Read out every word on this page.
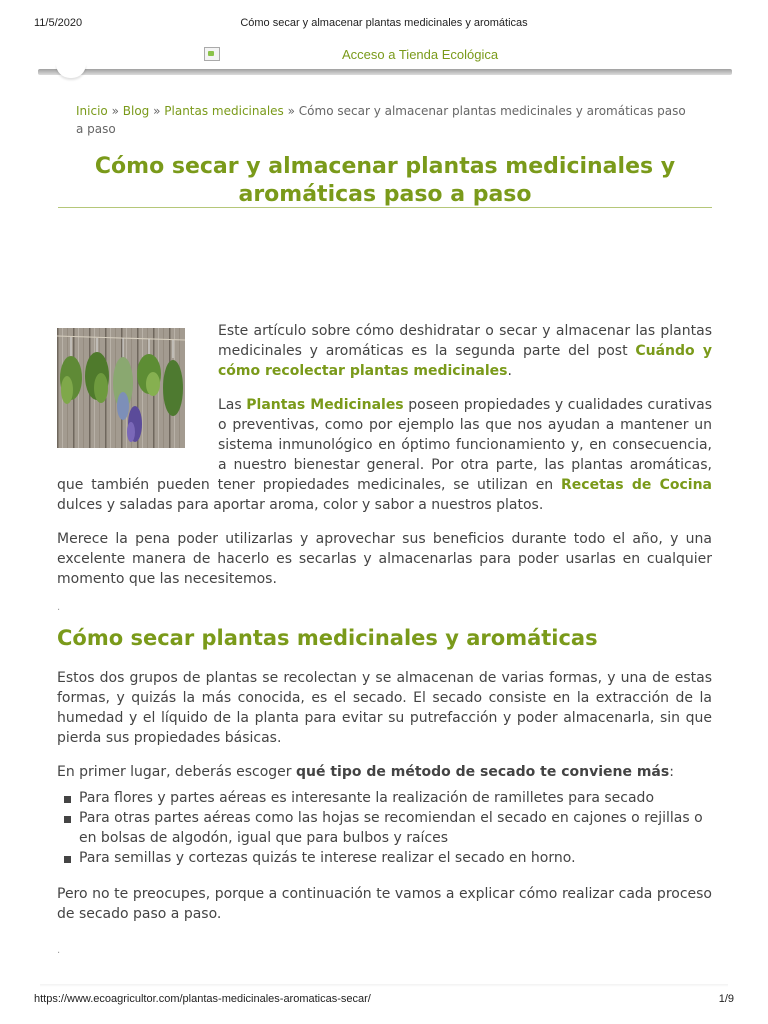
11/5/2020	Cómo secar y almacenar plantas medicinales y aromáticas
Acceso a Tienda Ecológica
Inicio » Blog » Plantas medicinales » Cómo secar y almacenar plantas medicinales y aromáticas paso a paso
Cómo secar y almacenar plantas medicinales y aromáticas paso a paso

Este artículo sobre cómo deshidratar o secar y almacenar las plantas medicinales y aromáticas es la segunda parte del post Cuándo y cómo recolectar plantas medicinales.

Las Plantas Medicinales poseen propiedades y cualidades curativas o preventivas, como por ejemplo las que nos ayudan a mantener un sistema inmunológico en óptimo funcionamiento y, en consecuencia, a nuestro bienestar general. Por otra parte, las plantas aromáticas, que también pueden tener propiedades medicinales, se utilizan en Recetas de Cocina dulces y saladas para aportar aroma, color y sabor a nuestros platos.

Merece la pena poder utilizarlas y aprovechar sus beneficios durante todo el año, y una excelente manera de hacerlo es secarlas y almacenarlas para poder usarlas en cualquier momento que las necesitemos.

.
Cómo secar plantas medicinales y aromáticas

Estos dos grupos de plantas se recolectan y se almacenan de varias formas, y una de estas formas, y quizás la más conocida, es el secado. El secado consiste en la extracción de la humedad y el líquido de la planta para evitar su putrefacción y poder almacenarla, sin que pierda sus propiedades básicas.

En primer lugar, deberás escoger qué tipo de método de secado te conviene más:

Para flores y partes aéreas es interesante la realización de ramilletes para secado
Para otras partes aéreas como las hojas se recomiendan el secado en cajones o rejillas o en bolsas de algodón, igual que para bulbos y raíces
Para semillas y cortezas quizás te interese realizar el secado en horno.

Pero no te preocupes, porque a continuación te vamos a explicar cómo realizar cada proceso de secado paso a paso.

.
https://www.ecoagricultor.com/plantas-medicinales-aromaticas-secar/	1/9
